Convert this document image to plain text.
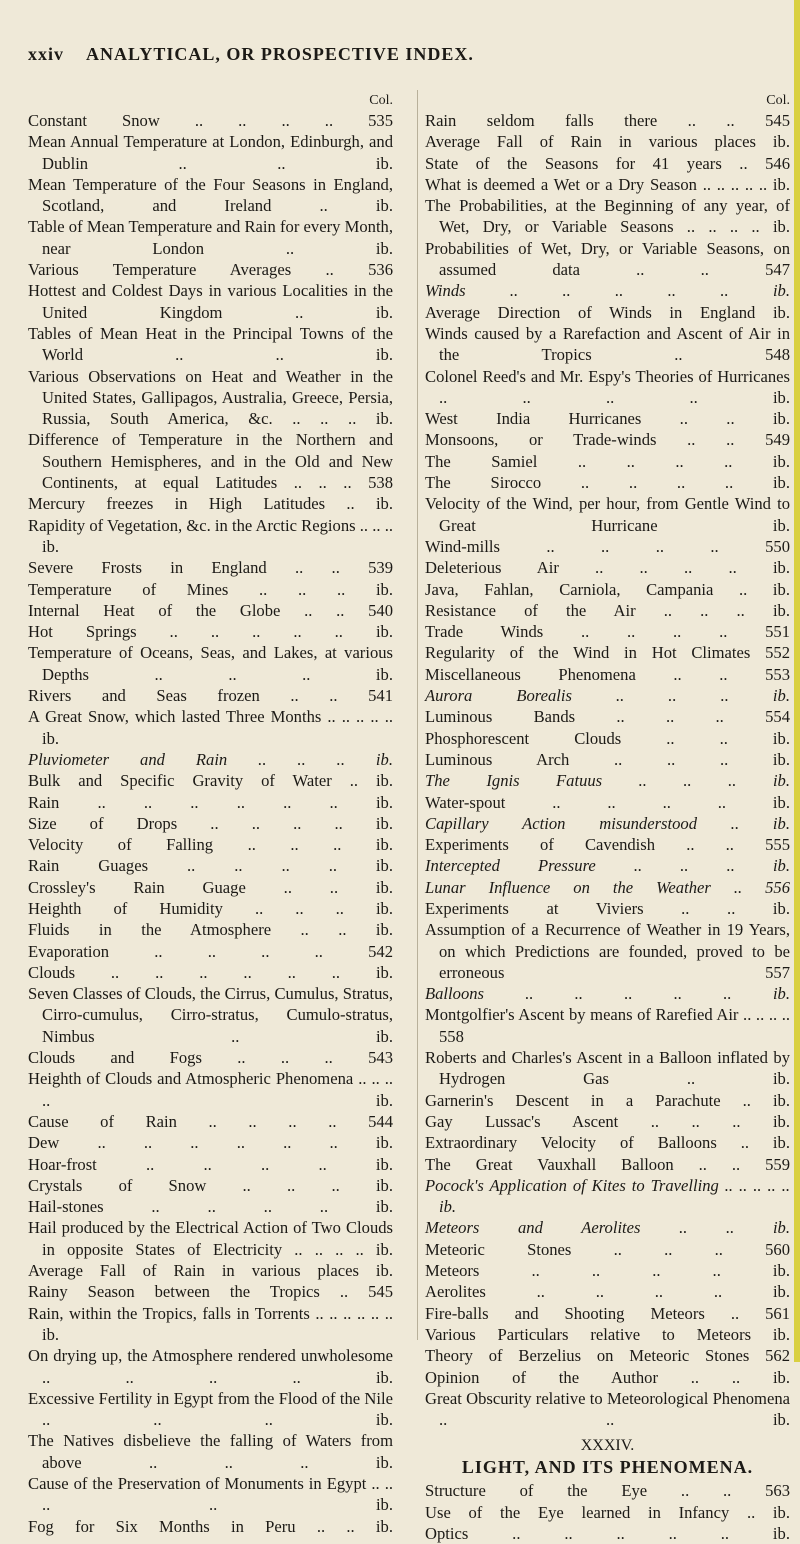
xxiv ANALYTICAL, OR PROSPECTIVE INDEX.
Col.
Constant Snow .. .. .. .. 535
Mean Annual Temperature at London, Edinburgh, and Dublin .. .. ib.
Mean Temperature of the Four Seasons in England, Scotland, and Ireland .. ib.
Table of Mean Temperature and Rain for every Month, near London .. ib.
Various Temperature Averages .. 536
Hottest and Coldest Days in various Localities in the United Kingdom .. ib.
Tables of Mean Heat in the Principal Towns of the World .. .. ib.
Various Observations on Heat and Weather in the United States, Gallipagos, Australia, Greece, Persia, Russia, South America, &c. .. .. .. ib.
Difference of Temperature in the Northern and Southern Hemispheres, and in the Old and New Continents, at equal Latitudes .. .. .. 538
Mercury freezes in High Latitudes .. ib.
Rapidity of Vegetation, &c. in the Arctic Regions .. .. .. ib.
Severe Frosts in England .. .. 539
Temperature of Mines .. .. .. ib.
Internal Heat of the Globe .. .. 540
Hot Springs .. .. .. .. .. ib.
Temperature of Oceans, Seas, and Lakes, at various Depths .. .. .. ib.
Rivers and Seas frozen .. .. 541
A Great Snow, which lasted Three Months .. .. .. .. .. ib.
Pluviometer and Rain .. .. .. ib.
Bulk and Specific Gravity of Water .. ib.
Rain .. .. .. .. .. .. ib.
Size of Drops .. .. .. .. ib.
Velocity of Falling .. .. .. ib.
Rain Guages .. .. .. .. ib.
Crossley's Rain Guage .. .. ib.
Heighth of Humidity .. .. .. ib.
Fluids in the Atmosphere .. .. ib.
Evaporation .. .. .. .. 542
Clouds .. .. .. .. .. .. ib.
Seven Classes of Clouds, the Cirrus, Cumulus, Stratus, Cirro-cumulus, Cirro-stratus, Cumulo-stratus, Nimbus .. ib.
Clouds and Fogs .. .. .. 543
Heighth of Clouds and Atmospheric Phenomena .. .. .. .. ib.
Cause of Rain .. .. .. .. 544
Dew .. .. .. .. .. .. ib.
Hoar-frost .. .. .. .. ib.
Crystals of Snow .. .. .. ib.
Hail-stones .. .. .. .. ib.
Hail produced by the Electrical Action of Two Clouds in opposite States of Electricity .. .. .. .. ib.
Average Fall of Rain in various places ib.
Rainy Season between the Tropics .. 545
Rain, within the Tropics, falls in Torrents .. .. .. .. .. .. ib.
On drying up, the Atmosphere rendered unwholesome .. .. .. .. ib.
Excessive Fertility in Egypt from the Flood of the Nile .. .. .. ib.
The Natives disbelieve the falling of Waters from above .. .. .. ib.
Cause of the Preservation of Monuments in Egypt .. .. .. .. ib.
Fog for Six Months in Peru .. .. ib.
Col.
Rain seldom falls there .. .. 545
Average Fall of Rain in various places ib.
State of the Seasons for 41 years .. 546
What is deemed a Wet or a Dry Season .. .. .. .. .. ib.
The Probabilities, at the Beginning of any year, of Wet, Dry, or Variable Seasons .. .. .. .. ib.
Probabilities of Wet, Dry, or Variable Seasons, on assumed data .. .. 547
Winds .. .. .. .. .. ib.
Average Direction of Winds in England ib.
Winds caused by a Rarefaction and Ascent of Air in the Tropics .. 548
Colonel Reed's and Mr. Espy's Theories of Hurricanes .. .. .. .. ib.
West India Hurricanes .. .. ib.
Monsoons, or Trade-winds .. .. 549
The Samiel .. .. .. .. ib.
The Sirocco .. .. .. .. ib.
Velocity of the Wind, per hour, from Gentle Wind to Great Hurricane ib.
Wind-mills .. .. .. .. 550
Deleterious Air .. .. .. .. ib.
Java, Fahlan, Carniola, Campania .. ib.
Resistance of the Air .. .. .. ib.
Trade Winds .. .. .. .. 551
Regularity of the Wind in Hot Climates 552
Miscellaneous Phenomena .. .. 553
Aurora Borealis .. .. .. ib.
Luminous Bands .. .. .. 554
Phosphorescent Clouds .. .. ib.
Luminous Arch .. .. .. ib.
The Ignis Fatuus .. .. .. ib.
Water-spout .. .. .. .. ib.
Capillary Action misunderstood .. ib.
Experiments of Cavendish .. .. 555
Intercepted Pressure .. .. .. ib.
Lunar Influence on the Weather .. 556
Experiments at Viviers .. .. ib.
Assumption of a Recurrence of Weather in 19 Years, on which Predictions are founded, proved to be erroneous 557
Balloons .. .. .. .. .. ib.
Montgolfier's Ascent by means of Rarefied Air .. .. .. .. 558
Roberts and Charles's Ascent in a Balloon inflated by Hydrogen Gas .. ib.
Garnerin's Descent in a Parachute .. ib.
Gay Lussac's Ascent .. .. .. ib.
Extraordinary Velocity of Balloons .. ib.
The Great Vauxhall Balloon .. .. 559
Pocock's Application of Kites to Travelling .. .. .. .. .. ib.
Meteors and Aerolites .. .. ib.
Meteoric Stones .. .. .. 560
Meteors .. .. .. .. ib.
Aerolites .. .. .. .. ib.
Fire-balls and Shooting Meteors .. 561
Various Particulars relative to Meteors ib.
Theory of Berzelius on Meteoric Stones 562
Opinion of the Author .. .. ib.
Great Obscurity relative to Meteorological Phenomena .. .. ib.
XXXIV.
LIGHT, AND ITS PHENOMENA.
Structure of the Eye .. .. 563
Use of the Eye learned in Infancy .. ib.
Optics .. .. .. .. .. ib.
